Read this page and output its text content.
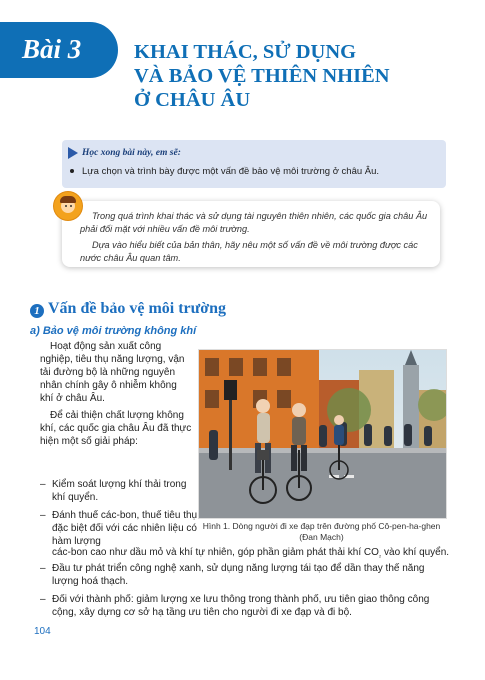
Bài 3	KHAI THÁC, SỬ DỤNG
VÀ BẢO VỆ THIÊN NHIÊN
Ở CHÂU ÂU
Học xong bài này, em sẽ:
Lựa chọn và trình bày được một vấn đề bảo vệ môi trường ở châu Âu.

Trong quá trình khai thác và sử dụng tài nguyên thiên nhiên, các quốc gia châu Âu phải đối mặt với nhiều vấn đề môi trường.

Dựa vào hiểu biết của bản thân, hãy nêu một số vấn đề về môi trường được các nước châu Âu quan tâm.

1 Vấn đề bảo vệ môi trường
a) Bảo vệ môi trường không khí

Hoạt động sản xuất công nghiệp, tiêu thụ năng lượng, vận tải đường bộ là những nguyên nhân chính gây ô nhiễm không khí ở châu Âu.

Để cải thiện chất lượng không khí, các quốc gia châu Âu đã thực hiện một số giải pháp:

– Kiểm soát lượng khí thải trong khí quyển.
– Đánh thuế các-bon, thuế tiêu thụ đặc biệt đối với các nhiên liệu có hàm lượng
các-bon cao như dầu mỏ và khí tự nhiên, góp phần giảm phát thải khí $CO_{_2}$ vào khí quyển.
– Đầu tư phát triển công nghệ xanh, sử dụng năng lượng tái tạo để dần thay thế năng lượng hoá thạch.
– Đối với thành phố: giảm lượng xe lưu thông trong thành phố, ưu tiên giao thông công cộng, xây dựng cơ sở hạ tầng ưu tiên cho người đi xe đạp và đi bộ.
Hình 1. Dòng người đi xe đạp trên đường phố Cô-pen-ha-ghen (Đan Mạch)
104
